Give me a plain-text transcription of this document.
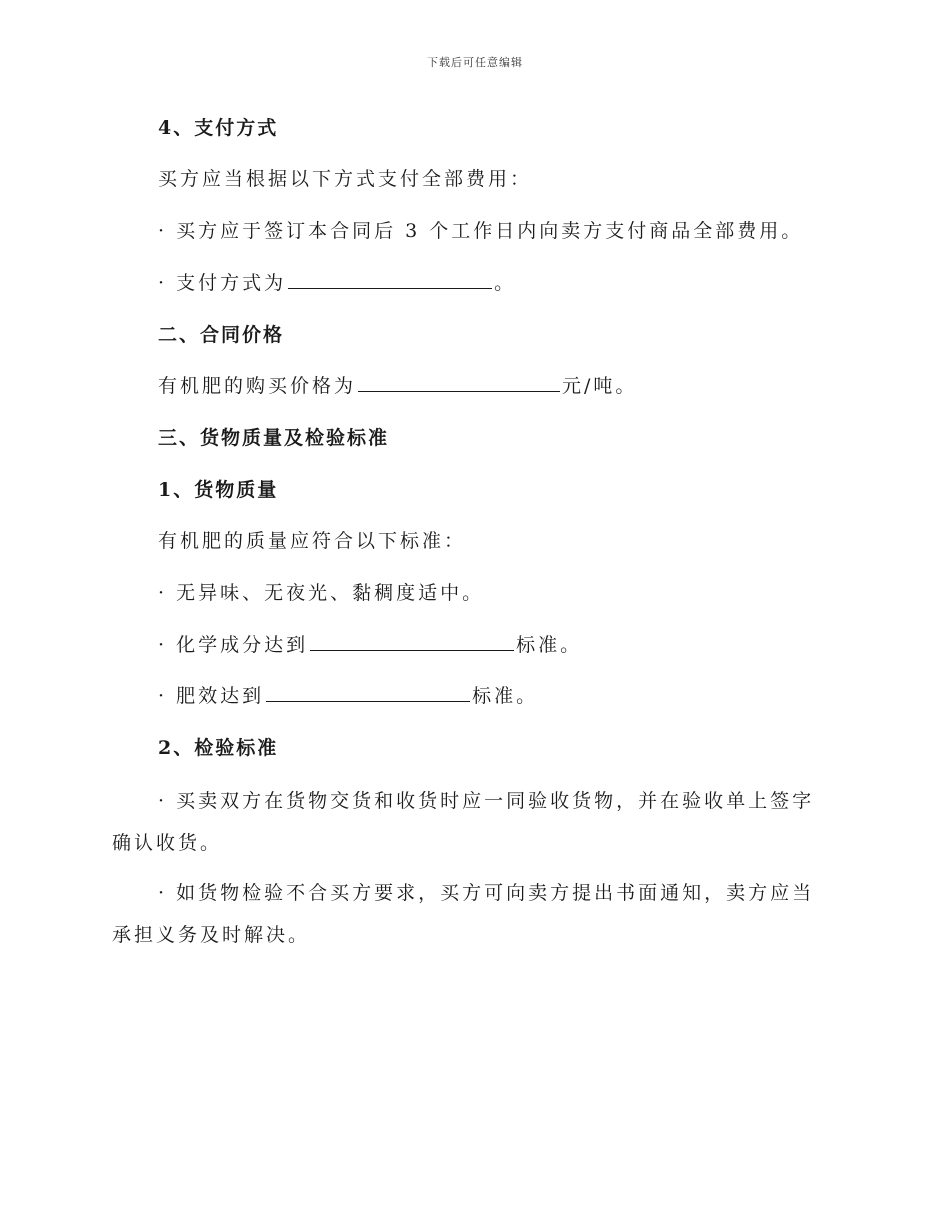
下载后可任意编辑
4、支付方式
买方应当根据以下方式支付全部费用：
· 买方应于签订本合同后 3 个工作日内向卖方支付商品全部费用。
· 支付方式为	。
二、合同价格
有机肥的购买价格为	元/吨。
三、货物质量及检验标准
1、货物质量
有机肥的质量应符合以下标准：
· 无异味、无夜光、黏稠度适中。
· 化学成分达到	标准。
· 肥效达到	标准。
2、检验标准
· 买卖双方在货物交货和收货时应一同验收货物，并在验收单上签字确认收货。
· 如货物检验不合买方要求，买方可向卖方提出书面通知，卖方应当承担义务及时解决。
